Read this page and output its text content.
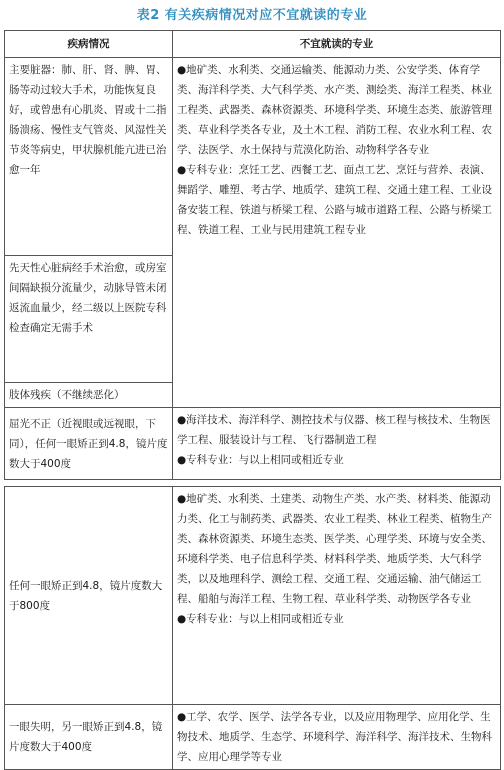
表2 有关疾病情况对应不宜就读的专业
疾病情况	不宜就读的专业
主要脏器：肺、肝、肾、脾、胃、肠等动过较大手术，功能恢复良好，或曾患有心肌炎、胃或十二指肠溃疡、慢性支气管炎、风湿性关节炎等病史，甲状腺机能亢进已治愈一年	●地矿类、水利类、交通运输类、能源动力类、公安学类、体育学类、海洋科学类、大气科学类、水产类、测绘类、海洋工程类、林业工程类、武器类、森林资源类、环境科学类、环境生态类、旅游管理类、草业科学类各专业，及土木工程、消防工程、农业水利工程、农学、法医学、水土保持与荒漠化防治、动物科学各专业

●专科专业：烹饪工艺、西餐工艺、面点工艺、烹饪与营养、表演、舞蹈学、雕塑、考古学、地质学、建筑工程、交通土建工程、工业设备安装工程、铁道与桥梁工程、公路与城市道路工程、公路与桥梁工程、铁道工程、工业与民用建筑工程专业

先天性心脏病经手术治愈，或房室间隔缺损分流量少，动脉导管未闭返流血量少，经二级以上医院专科检查确定无需手术	
肢体残疾（不继续恶化）	
屈光不正（近视眼或远视眼，下同），任何一眼矫正到4.8，镜片度数大于400度	●海洋技术、海洋科学、测控技术与仪器、核工程与核技术、生物医学工程、服装设计与工程、飞行器制造工程

●专科专业：与以上相同或相近专业

任何一眼矫正到4.8，镜片度数大于800度	●地矿类、水利类、土建类、动物生产类、水产类、材料类、能源动力类、化工与制药类、武器类、农业工程类、林业工程类、植物生产类、森林资源类、环境生态类、医学类、心理学类、环境与安全类、环境科学类、电子信息科学类、材料科学类、地质学类、大气科学类，以及地理科学、测绘工程、交通工程、交通运输、油气储运工程、船舶与海洋工程、生物工程、草业科学类、动物医学各专业

●专科专业：与以上相同或相近专业

一眼失明，另一眼矫正到4.8，镜片度数大于400度	●工学、农学、医学、法学各专业，以及应用物理学、应用化学、生物技术、地质学、生态学、环境科学、海洋科学、海洋技术、生物科学、应用心理学等专业
